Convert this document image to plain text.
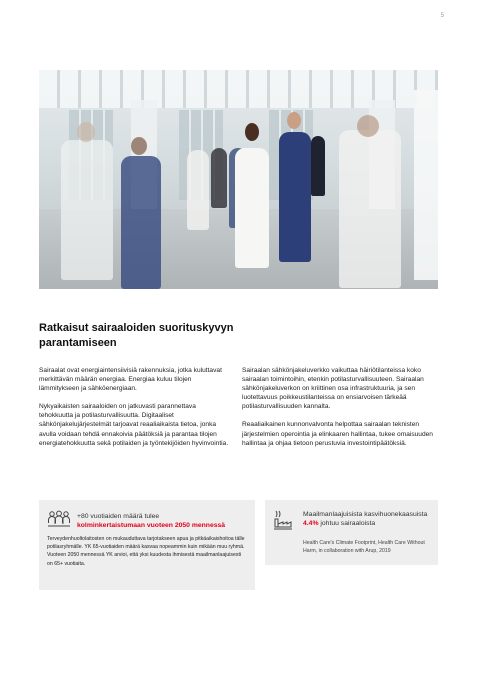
5
Ratkaisut sairaaloiden suorituskyvyn parantamiseen

Sairaalat ovat energiaintensiivisiä rakennuksia, jotka kuluttavat merkittävän määrän energiaa. Energiaa kuluu tilojen lämmitykseen ja sähköenergiaan.

Nykyaikaisten sairaaloiden on jatkuvasti parannettava tehokkuutta ja potilasturvallisuutta. Digitaaliset sähkönjakelujärjestelmät tarjoavat reaaliaikaista tietoa, jonka avulla voidaan tehdä ennakoivia päätöksiä ja parantaa tilojen energiatehokkuutta sekä potilaiden ja työntekijöiden hyvinvointia.

Sairaalan sähkönjakeluverkko vaikuttaa häiriötilanteissa koko sairaalan toimintoihin, etenkin potilasturvallisuuteen. Sairaalan sähkönjakeluverkon on kriittinen osa infrastruktuuria, ja sen luotettavuus poikkeustilanteissa on ensiarvoisen tärkeää potilasturvallisuuden kannalta.

Reaaliaikainen kunnonvalvonta helpottaa sairaalan teknisten järjestelmien operointia ja elinkaaren hallintaa, tukee omaisuuden hallintaa ja ohjaa tietoon perustuvia investointipäätöksiä.

+80 vuotiaiden määrä tulee
kolminkertaistumaan vuoteen 2050 mennessä
Terveydenhuoltolaitosten on mukauduttava tarjotakseen apua ja pitkäaikaishoitoa tälle potilasryhmälle. YK 65-vuotiaiden määrä kasvaa nopeammin kuin mikään muu ryhmä. Vuoteen 2050 mennessä YK arvioi, että yksi kuudesta ihmisestä maailmanlaajuisesti on 65+ vuotiaita.
Maailmanlaajuisista kasvihuonekaasuista
4.4% johtuu sairaaloista
Health Care's Climate Footprint, Health Care Without Harm, in collaboration with Arup, 2019
